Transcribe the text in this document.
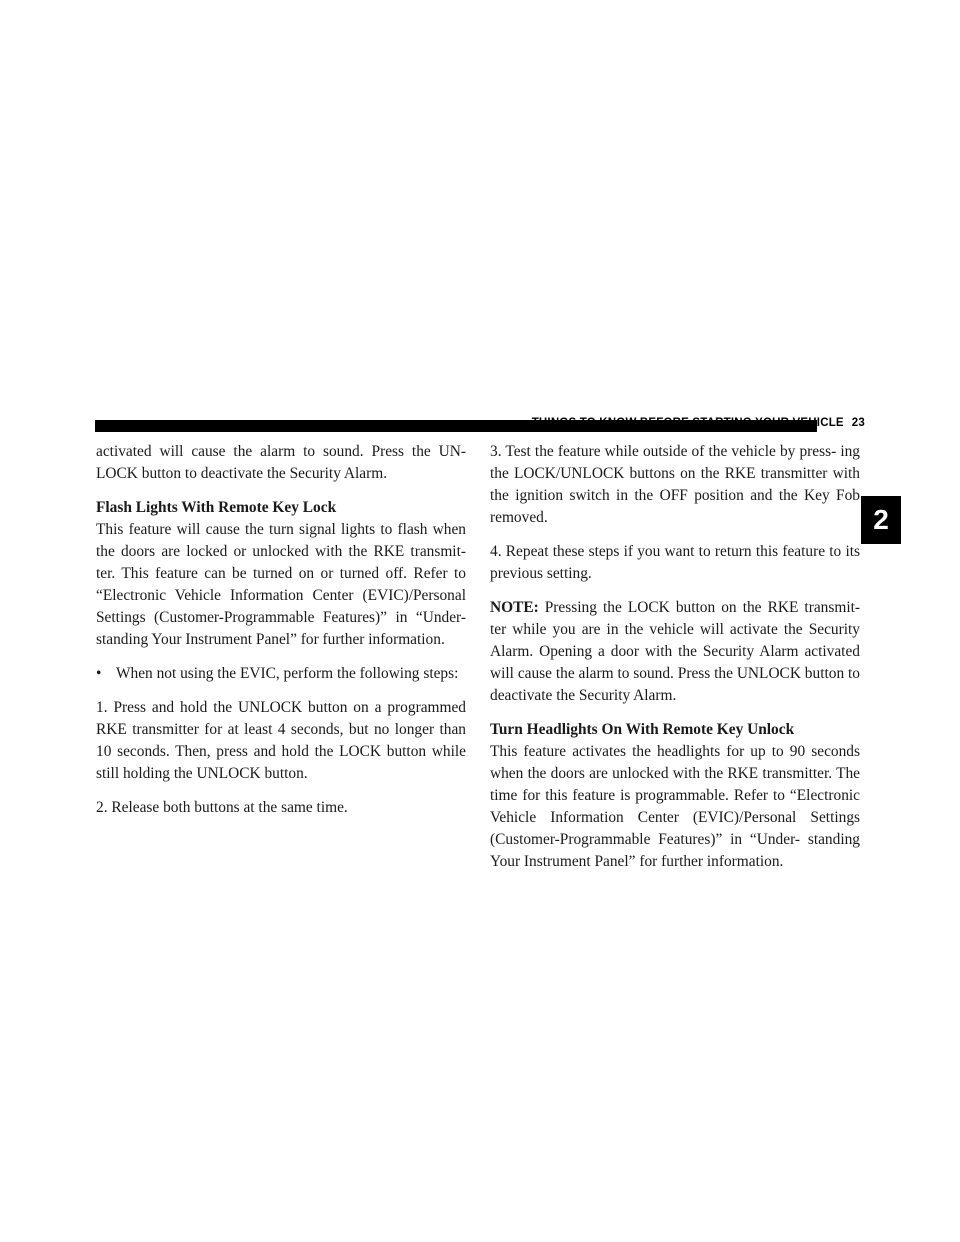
THINGS TO KNOW BEFORE STARTING YOUR VEHICLE 23
2

activated will cause the alarm to sound. Press the UN- LOCK button to deactivate the Security Alarm.

Flash Lights With Remote Key Lock

This feature will cause the turn signal lights to flash when the doors are locked or unlocked with the RKE transmit- ter. This feature can be turned on or turned off. Refer to “Electronic Vehicle Information Center (EVIC)/Personal Settings (Customer-Programmable Features)” in “Under- standing Your Instrument Panel” for further information.

• When not using the EVIC, perform the following steps:

1. Press and hold the UNLOCK button on a programmed RKE transmitter for at least 4 seconds, but no longer than 10 seconds. Then, press and hold the LOCK button while still holding the UNLOCK button.

2. Release both buttons at the same time.

3. Test the feature while outside of the vehicle by press- ing the LOCK/UNLOCK buttons on the RKE transmitter with the ignition switch in the OFF position and the Key Fob removed.

4. Repeat these steps if you want to return this feature to its previous setting.

NOTE: Pressing the LOCK button on the RKE transmit- ter while you are in the vehicle will activate the Security Alarm. Opening a door with the Security Alarm activated will cause the alarm to sound. Press the UNLOCK button to deactivate the Security Alarm.

Turn Headlights On With Remote Key Unlock

This feature activates the headlights for up to 90 seconds when the doors are unlocked with the RKE transmitter. The time for this feature is programmable. Refer to “Electronic Vehicle Information Center (EVIC)/Personal Settings (Customer-Programmable Features)” in “Under- standing Your Instrument Panel” for further information.
